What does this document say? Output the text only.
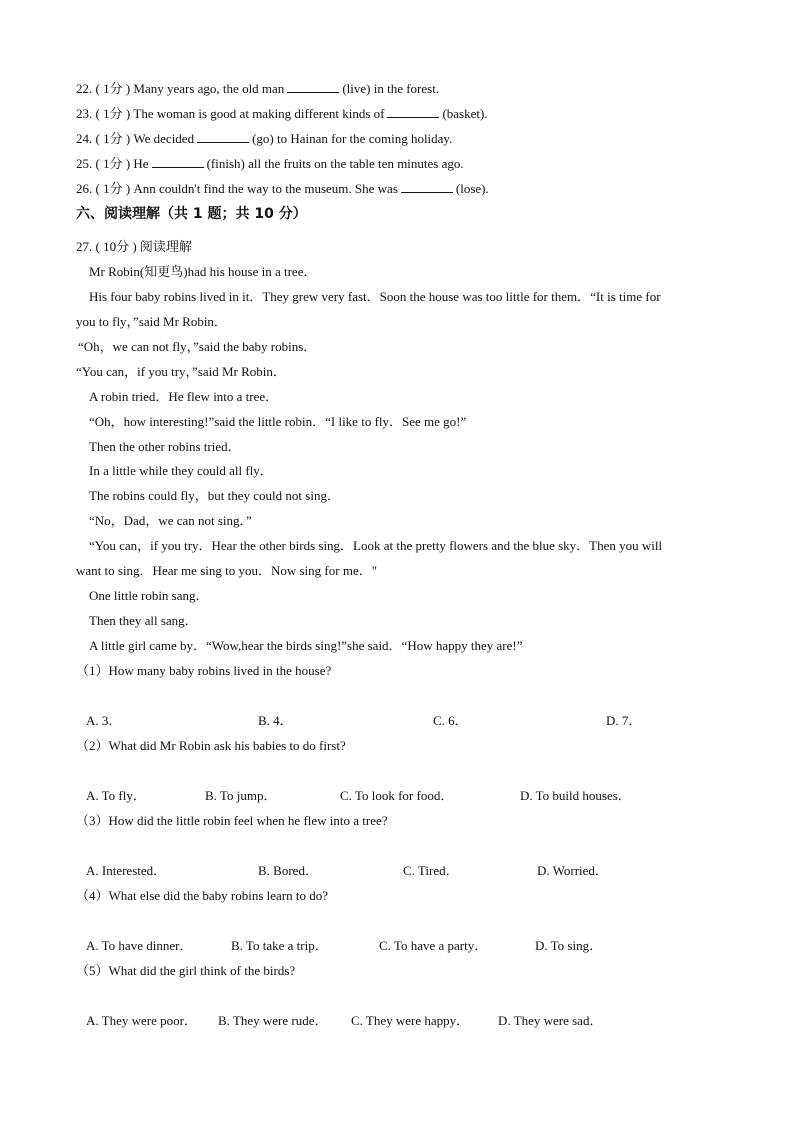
22. ( 1分 ) Many years ago, the old man	(live) in the forest.
23. ( 1分 ) The woman is good at making different kinds of	(basket).
24. ( 1分 ) We decided	(go) to Hainan for the coming holiday.
25. ( 1分 ) He	(finish) all the fruits on the table ten minutes ago.
26. ( 1分 ) Ann couldn't find the way to the museum. She was	(lose).
六、阅读理解（共 1 题；共 10 分）
27. ( 10分 ) 阅读理解
Mr Robin(知更鸟)had his house in a tree．
His four baby robins lived in it．They grew very fast．Soon the house was too little for them．“It is time for
you to fly，”said Mr Robin．
“Oh，we can not fly，”said the baby robins．
“You can，if you try，”said Mr Robin．
A robin tried．He flew into a tree．
“Oh，how interesting!”said the little robin．“I like to fly．See me go!”
Then the other robins tried．
In a little while they could all fly．
The robins could fly，but they could not sing．
“No，Dad，we can not sing．”
“You can，if you try．Hear the other birds sing．Look at the pretty flowers and the blue sky．Then you will
want to sing．Hear me sing to you．Now sing for me．"
One little robin sang．
Then they all sang．
A little girl came by．“Wow,hear the birds sing!”she said．“How happy they are!”
（1）How many baby robins lived in the house?
A. 3．	B. 4．	C. 6．	D. 7．
（2）What did Mr Robin ask his babies to do first?
A. To fly．	B. To jump．	C. To look for food．	D. To build houses．
（3）How did the little robin feel when he flew into a tree?
A. Interested．	B. Bored．	C. Tired．	D. Worried．
（4）What else did the baby robins learn to do?
A. To have dinner．	B. To take a trip．	C. To have a party．	D. To sing．
（5）What did the girl think of the birds?
A. They were poor． B. They were rude． C. They were happy． D. They were sad．
